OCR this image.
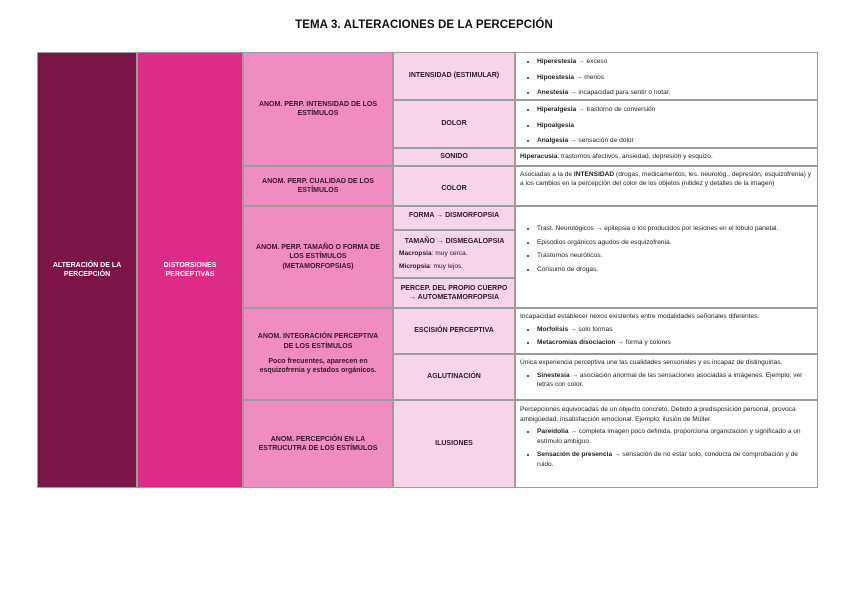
TEMA 3. ALTERACIONES DE LA PERCEPCIÓN
ALTERACIÓN DE LA PERCEPCIÓN
DISTORSIONES PERCEPTIVAS
ANOM. PERP. INTENSIDAD DE LOS ESTÍMULOS
ANOM. PERP. CUALIDAD DE LOS ESTÍMULOS
ANOM. PERP. TAMAÑO O FORMA DE LOS ESTÍMULOS (METAMORFOPSIAS)
ANOM. INTEGRACIÓN PERCEPTIVA DE LOS ESTÍMULOS
Poco frecuentes, aparecen en esquizofrenia y estados orgánicos.
ANOM. PERCEPCIÓN EN LA ESTRUCUTRA DE LOS ESTÍMULOS
INTENSIDAD (ESTIMULAR)
DOLOR
SONIDO
COLOR
FORMA → DISMORFOPSIA
TAMAÑO → DISMEGALOPSIA
Macropsia: muy cerca.
Micropsia: muy lejos.
PERCEP. DEL PROPIO CUERPO → AUTOMETAMORFOPSIA
ESCISIÓN PERCEPTIVA
AGLUTINACIÓN
ILUSIONES
• Hiperestesia → exceso
• Hipoestesia → menos
• Anestesia → incapacidad para sentir o notar.
• Hiperalgesia → trastorno de conversión
• Hipoalgesia
• Analgesia → sensación de dolor
Hiperacusia: trastornos afectivos, ansiedad, depresión y esquizo.
Asociadas a la de INTENSIDAD (drogas, medicamentos, les. neurológ., depresión, esquizofrenia) y a los cambios en la percepción del color de los objetos (nitidez y detalles de la imagen)
• Trast. Neurológicos → epilepsia o los producidos por lesiones en el lóbulo parietal.
• Episodios orgánicos agudos de esquizofrenia.
• Trastornos neuróticos.
• Consumo de drogas.
Incapacidad establecer nexos existentes entre modalidades señoriales diferentes.
• Morfolisis → solo formas
• Metacromias disociacion → forma y colores
Única experiencia perceptiva une las cualidades sensoriales y es incapaz de distinguirlas.
• Sinestesia → asociación anormal de las sensaciones asociadas a imágenes. Ejemplo: ver letras con color.
Percepciones equivocadas de un objecto concreto. Debido a predisposición personal, provoca ambigüedad, insatisfacción emocional. Ejemplo: ilusión de Müller.
• Pareidolia → completa imagen poco definida, proporciona organización y significado a un estímulo ambiguo.
• Sensación de presencia → sensación de no estar solo, conducta de comprobación y de ruido.
